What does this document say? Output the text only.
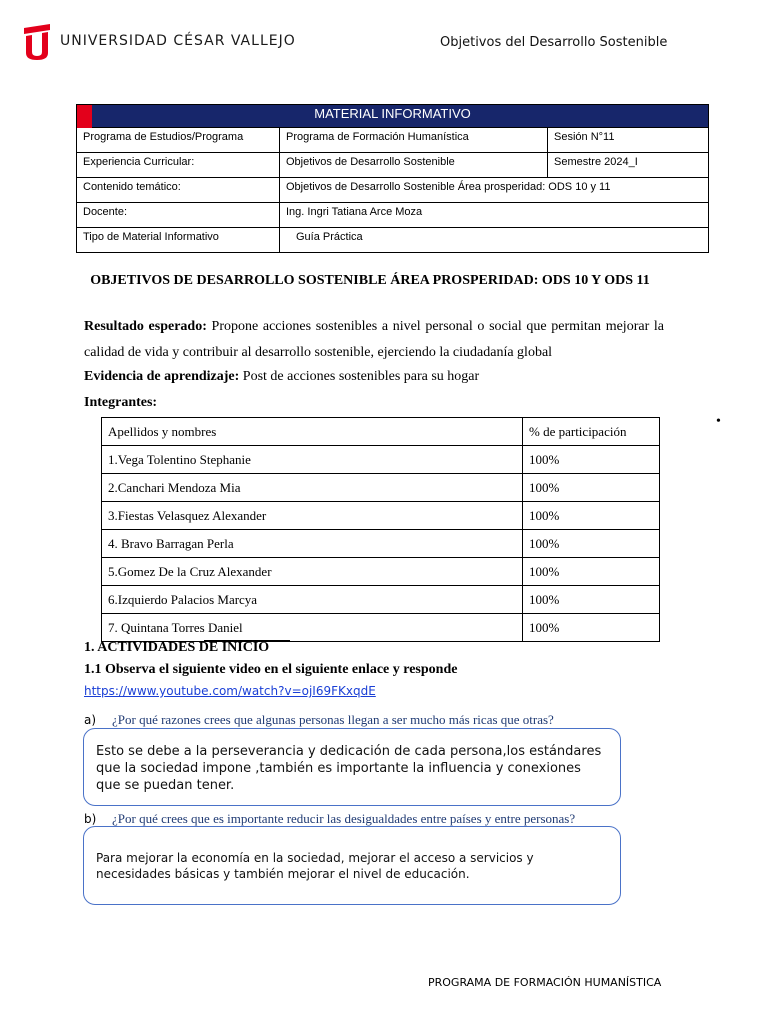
UNIVERSIDAD CÉSAR VALLEJO	Objetivos del Desarrollo Sostenible
MATERIAL INFORMATIVO		
Programa de Estudios/Programa	Programa de Formación Humanística	Sesión N°11
Experiencia Curricular:	Objetivos de Desarrollo Sostenible	Semestre 2024_I
Contenido temático:	Objetivos de Desarrollo Sostenible Área prosperidad: ODS 10 y 11	
Docente:	Ing. Ingri Tatiana Arce Moza	
Tipo de Material Informativo	Guía Práctica	
OBJETIVOS DE DESARROLLO SOSTENIBLE ÁREA PROSPERIDAD: ODS 10 Y ODS 11
Resultado esperado: Propone acciones sostenibles a nivel personal o social que permitan mejorar la calidad de vida y contribuir al desarrollo sostenible, ejerciendo la ciudadanía global
Evidencia de aprendizaje: Post de acciones sostenibles para su hogar
Integrantes:
•
Apellidos y nombres	% de participación
1.Vega Tolentino Stephanie	100%
2.Canchari Mendoza Mia	100%
3.Fiestas Velasquez Alexander	100%
4. Bravo Barragan Perla	100%
5.Gomez De la Cruz Alexander	100%
6.Izquierdo Palacios Marcya	100%
7. Quintana Torres Daniel	100%
1. ACTIVIDADES DE INICIO
1.1 Observa el siguiente video en el siguiente enlace y responde
https://www.youtube.com/watch?v=ojI69FKxqdE
a) ¿Por qué razones crees que algunas personas llegan a ser mucho más ricas que otras?
Esto se debe a la perseverancia y dedicación de cada persona,los estándares que la sociedad impone ,también es importante la influencia y conexiones que se puedan tener.
b) ¿Por qué crees que es importante reducir las desigualdades entre países y entre personas?
Para mejorar la economía en la sociedad, mejorar el acceso a servicios y necesidades básicas y también mejorar el nivel de educación.
PROGRAMA DE FORMACIÓN HUMANÍSTICA
